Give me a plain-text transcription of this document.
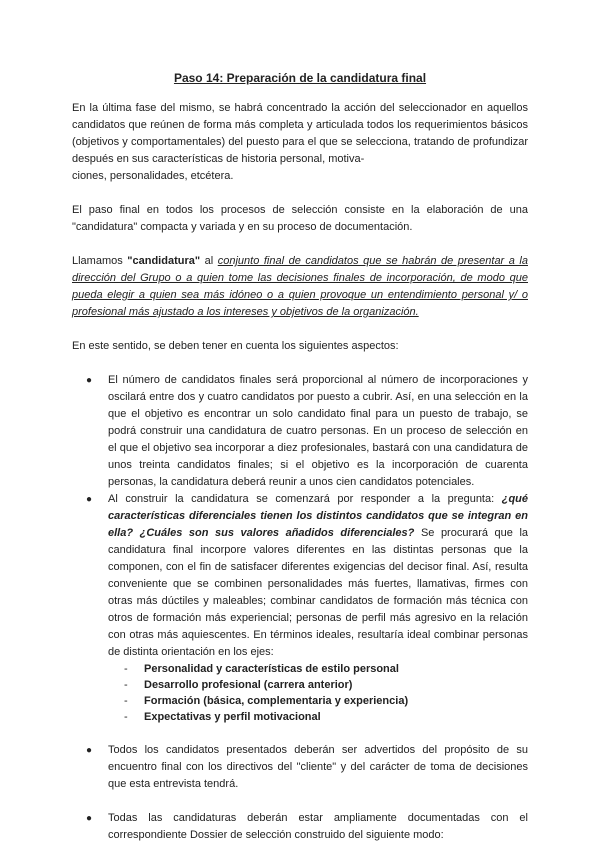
Paso 14: Preparación de la candidatura final

En la última fase del mismo, se habrá concentrado la acción del seleccionador en aquellos candidatos que reúnen de forma más completa y articulada todos los requerimientos básicos (objetivos y comportamentales) del puesto para el que se selecciona, tratando de profundizar después en sus características de historia personal, motiva-
ciones, personalidades, etcétera.

El paso final en todos los procesos de selección consiste en la elaboración de una "candidatura" compacta y variada y en su proceso de documentación.

Llamamos "candidatura" al conjunto final de candidatos que se habrán de presentar a la dirección del Grupo o a quien tome las decisiones finales de incorporación, de modo que pueda elegir a quien sea más idóneo o a quien provoque un entendimiento personal y/ o profesional más ajustado a los intereses y objetivos de la organización.

En este sentido, se deben tener en cuenta los siguientes aspectos:

● El número de candidatos finales será proporcional al número de incorporaciones y oscilará entre dos y cuatro candidatos por puesto a cubrir. Así, en una selección en la que el objetivo es encontrar un solo candidato final para un puesto de trabajo, se podrá construir una candidatura de cuatro personas. En un proceso de selección en el que el objetivo sea incorporar a diez profesionales, bastará con una candidatura de unos treinta candidatos finales; si el objetivo es la incorporación de cuarenta personas, la candidatura deberá reunir a unos cien candidatos potenciales.
● Al construir la candidatura se comenzará por responder a la pregunta: ¿qué características diferenciales tienen los distintos candidatos que se integran en ella? ¿Cuáles son sus valores añadidos diferenciales? Se procurará que la candidatura final incorpore valores diferentes en las distintas personas que la componen, con el fin de satisfacer diferentes exigencias del decisor final. Así, resulta conveniente que se combinen personalidades más fuertes, llamativas, firmes con otras más dúctiles y maleables; combinar candidatos de formación más técnica con otros de formación más experiencial; personas de perfil más agresivo en la relación con otras más aquiescentes. En términos ideales, resultaría ideal combinar personas de distinta orientación en los ejes:
- Personalidad y características de estilo personal
- Desarrollo profesional (carrera anterior)
- Formación (básica, complementaria y experiencia)
- Expectativas y perfil motivacional
● Todos los candidatos presentados deberán ser advertidos del propósito de su encuentro final con los directivos del "cliente" y del carácter de toma de decisiones que esta entrevista tendrá.
● Todas las candidaturas deberán estar ampliamente documentadas con el correspondiente Dossier de selección construido del siguiente modo:
